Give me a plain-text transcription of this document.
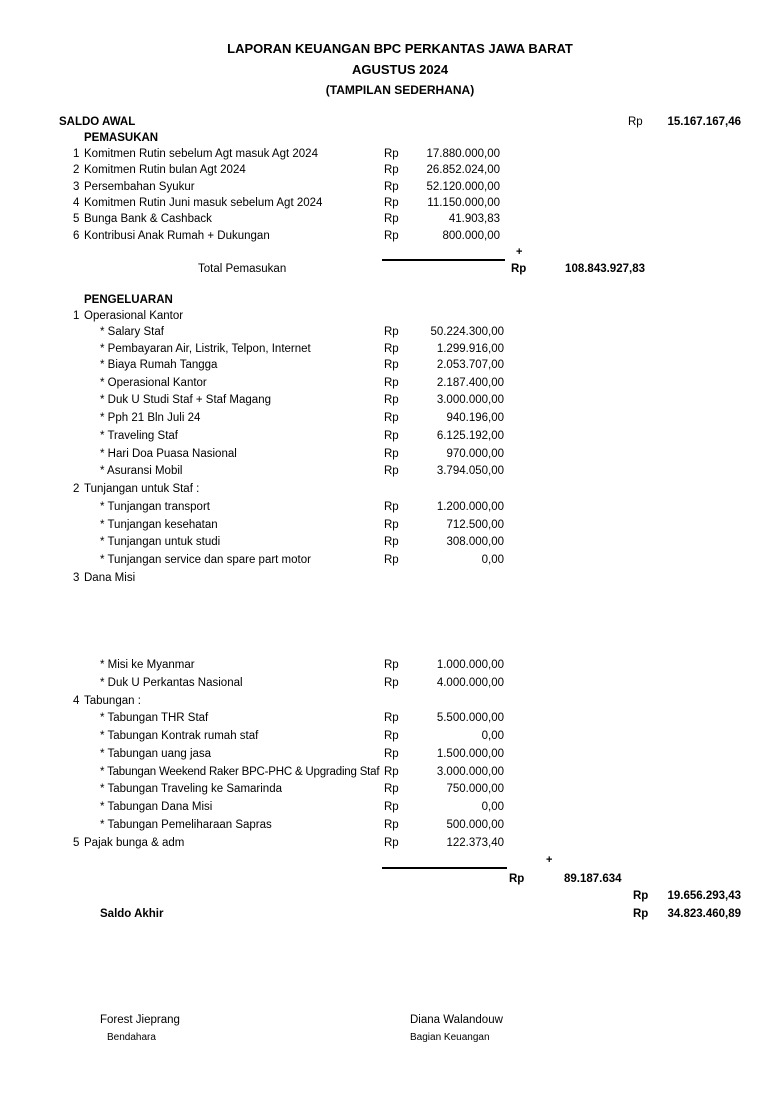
LAPORAN KEUANGAN BPC PERKANTAS JAWA BARAT
AGUSTUS 2024
(TAMPILAN SEDERHANA)
SALDO AWAL	Rp	15.167.167,46
PEMASUKAN
1 Komitmen Rutin sebelum Agt masuk Agt 2024	Rp	17.880.000,00
2 Komitmen Rutin bulan Agt 2024	Rp	26.852.024,00
3 Persembahan Syukur	Rp	52.120.000,00
4 Komitmen Rutin Juni masuk sebelum Agt 2024	Rp	11.150.000,00
5 Bunga Bank & Cashback	Rp	41.903,83
6 Kontribusi Anak Rumah + Dukungan	Rp	800.000,00
+
Total Pemasukan	Rp	108.843.927,83
PENGELUARAN
1 Operasional Kantor
* Salary Staf	Rp	50.224.300,00
* Pembayaran Air, Listrik, Telpon, Internet	Rp	1.299.916,00
* Biaya Rumah Tangga	Rp	2.053.707,00
* Operasional Kantor	Rp	2.187.400,00
* Duk U Studi Staf + Staf Magang	Rp	3.000.000,00
* Pph 21 Bln Juli 24	Rp	940.196,00
* Traveling Staf	Rp	6.125.192,00
* Hari Doa Puasa Nasional	Rp	970.000,00
* Asuransi Mobil	Rp	3.794.050,00
2 Tunjangan untuk Staf :
* Tunjangan transport	Rp	1.200.000,00
* Tunjangan kesehatan	Rp	712.500,00
* Tunjangan untuk studi	Rp	308.000,00
* Tunjangan service dan spare part motor	Rp	0,00
3 Dana Misi
* Misi ke Myanmar	Rp	1.000.000,00
* Duk U Perkantas Nasional	Rp	4.000.000,00
4 Tabungan :
* Tabungan THR Staf	Rp	5.500.000,00
* Tabungan Kontrak rumah staf	Rp	0,00
* Tabungan uang jasa	Rp	1.500.000,00
* Tabungan Weekend Raker BPC-PHC & Upgrading Staf Rp	3.000.000,00
* Tabungan Traveling ke Samarinda	Rp	750.000,00
* Tabungan Dana Misi	Rp	0,00
* Tabungan Pemeliharaan Sapras	Rp	500.000,00
5 Pajak bunga & adm	Rp	122.373,40
+
Rp	89.187.634
Rp	19.656.293,43
Saldo Akhir	Rp	34.823.460,89
Forest Jieprang
Bendahara
Diana Walandouw
Bagian Keuangan
